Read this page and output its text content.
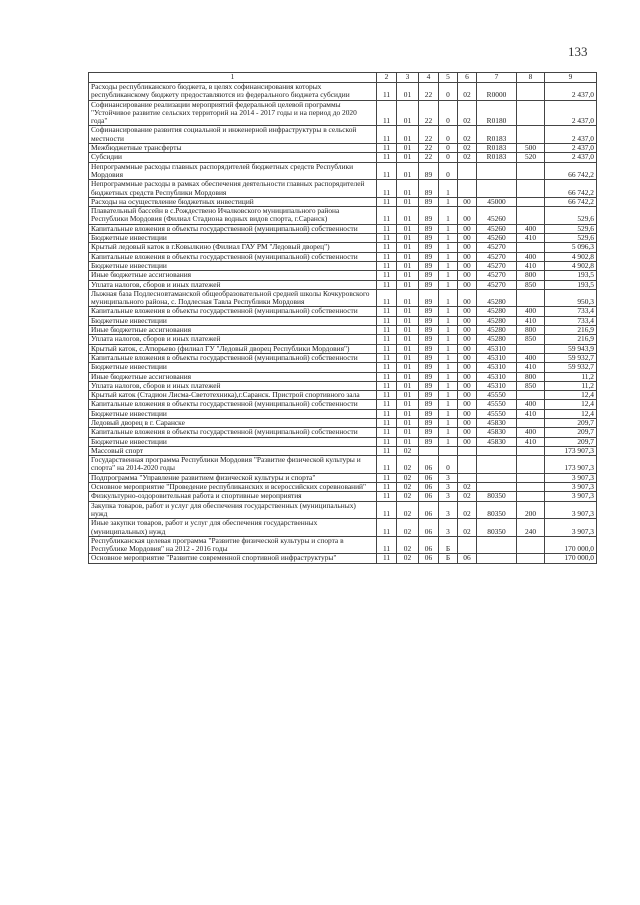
133
1	2	3	4	5	6	7	8	9
Расходы республиканского бюджета, в целях софинансирования которых республиканскому бюджету предоставляются из федерального бюджета субсидии	11	01	22	0	02	R0000		2 437,0
Софинансирование реализации мероприятий федеральной целевой программы "Устойчивое развитие сельских территорий на 2014 - 2017 годы и на период до 2020 года"	11	01	22	0	02	R0180		2 437,0
Софинансирование развития социальной и инженерной инфраструктуры в сельской местности	11	01	22	0	02	R0183		2 437,0
Межбюджетные трансферты	11	01	22	0	02	R0183	500	2 437,0
Субсидии	11	01	22	0	02	R0183	520	2 437,0
Непрограммные расходы главных распорядителей бюджетных средств Республики Мордовия	11	01	89	0				66 742,2
Непрограммные расходы в рамках обеспечения деятельности главных распорядителей бюджетных средств Республики Мордовия	11	01	89	1				66 742,2
Расходы на осуществление бюджетных инвестиций	11	01	89	1	00	45000		66 742,2
Плавательный бассейн в с.Рождествено Ичалковского муниципального района Республики Мордовия (Филиал Стадиона водных видов спорта, г.Саранск)	11	01	89	1	00	45260		529,6
Капитальные вложения в объекты государственной (муниципальной) собственности	11	01	89	1	00	45260	400	529,6
Бюджетные инвестиции	11	01	89	1	00	45260	410	529,6
Крытый ледовый каток в г.Ковылкино (Филиал ГАУ РМ "Ледовый дворец")	11	01	89	1	00	45270		5 096,3
Капитальные вложения в объекты государственной (муниципальной) собственности	11	01	89	1	00	45270	400	4 902,8
Бюджетные инвестиции	11	01	89	1	00	45270	410	4 902,8
Иные бюджетные ассигнования	11	01	89	1	00	45270	800	193,5
Уплата налогов, сборов и иных платежей	11	01	89	1	00	45270	850	193,5
Лыжная база Подлесновтаманской общеобразовательной средней школы Кочкуровского муниципального района, с. Подлесная Тавла Республики Мордовия	11	01	89	1	00	45280		950,3
Капитальные вложения в объекты государственной (муниципальной) собственности	11	01	89	1	00	45280	400	733,4
Бюджетные инвестиции	11	01	89	1	00	45280	410	733,4
Иные бюджетные ассигнования	11	01	89	1	00	45280	800	216,9
Уплата налогов, сборов и иных платежей	11	01	89	1	00	45280	850	216,9
Крытый каток, с.Атюрьево (филиал ГУ "Ледовый дворец Республики Мордовия")	11	01	89	1	00	45310		59 943,9
Капитальные вложения в объекты государственной (муниципальной) собственности	11	01	89	1	00	45310	400	59 932,7
Бюджетные инвестиции	11	01	89	1	00	45310	410	59 932,7
Иные бюджетные ассигнования	11	01	89	1	00	45310	800	11,2
Уплата налогов, сборов и иных платежей	11	01	89	1	00	45310	850	11,2
Крытый каток (Стадион Лисма-Светотехника),г.Саранск. Пристрой спортивного зала	11	01	89	1	00	45550		12,4
Капитальные вложения в объекты государственной (муниципальной) собственности	11	01	89	1	00	45550	400	12,4
Бюджетные инвестиции	11	01	89	1	00	45550	410	12,4
Ледовый дворец в г. Саранске	11	01	89	1	00	45830		209,7
Капитальные вложения в объекты государственной (муниципальной) собственности	11	01	89	1	00	45830	400	209,7
Бюджетные инвестиции	11	01	89	1	00	45830	410	209,7
Массовый спорт	11	02						173 907,3
Государственная программа Республики Мордовия "Развитие физической культуры и спорта" на 2014-2020 годы	11	02	06	0				173 907,3
Подпрограмма "Управление развитием физической культуры и спорта"	11	02	06	3				3 907,3
Основное мероприятие "Проведение республиканских и всероссийских соревнований"	11	02	06	3	02			3 907,3
Физкультурно-оздоровительная работа и спортивные мероприятия	11	02	06	3	02	80350		3 907,3
Закупка товаров, работ и услуг для обеспечения государственных (муниципальных) нужд	11	02	06	3	02	80350	200	3 907,3
Иные закупки товаров, работ и услуг для обеспечения государственных (муниципальных) нужд	11	02	06	3	02	80350	240	3 907,3
Республиканская целевая программа "Развитие физической культуры и спорта в Республике Мордовия" на 2012 - 2016 годы	11	02	06	Б				170 000,0
Основное мероприятие "Развитие современной спортивной инфраструктуры"	11	02	06	Б	06			170 000,0
